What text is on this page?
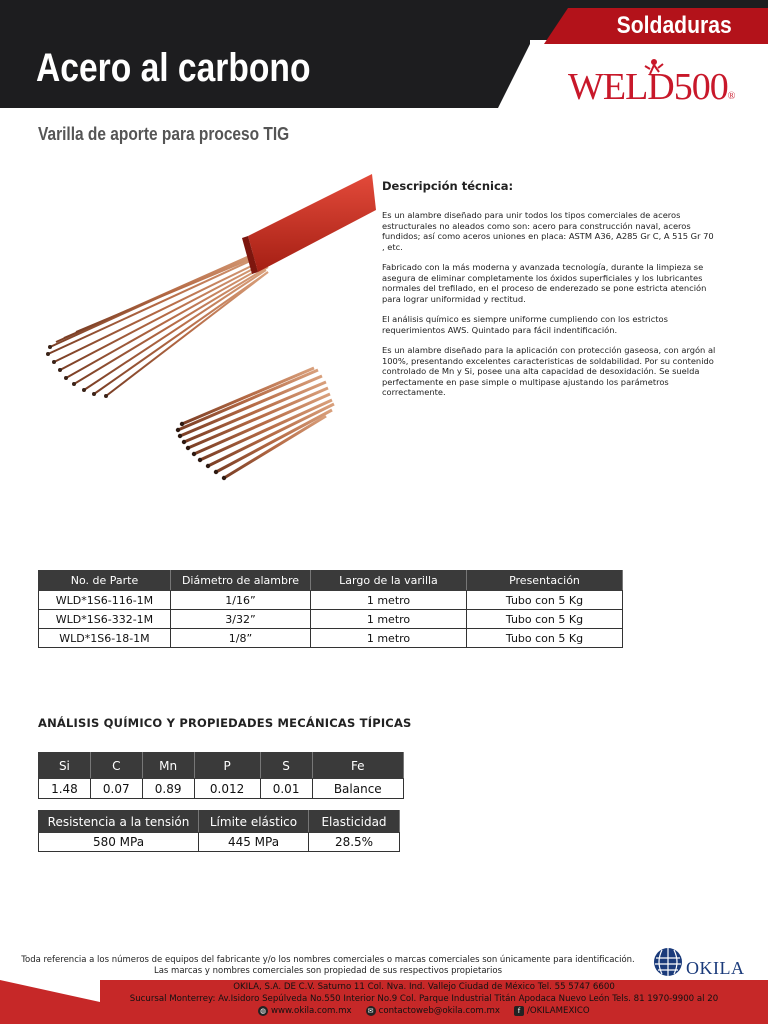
Soldaduras
Acero al carbono	WELD500®
Varilla de aporte para proceso TIG
Descripción técnica:

Es un alambre diseñado para unir todos los tipos comerciales de aceros estructurales no aleados como son: acero para construcción naval, aceros fundidos; así como aceros uniones en placa: ASTM A36, A285 Gr C, A 515 Gr 70 , etc.

Fabricado con la más moderna y avanzada tecnología, durante la limpieza se asegura de eliminar completamente los óxidos superficiales y los lubricantes normales del trefilado, en el proceso de enderezado se pone estricta atención para lograr uniformidad y rectitud.

El análisis químico es siempre uniforme cumpliendo con los estrictos requerimientos AWS. Quintado para fácil indentificación.

Es un alambre diseñado para la aplicación con protección gaseosa, con argón al 100%, presentando excelentes caracteristicas de soldabilidad. Por su contenido controlado de Mn y Si, posee una alta capacidad de desoxidación. Se suelda perfectamente en pase simple o multipase ajustando los parámetros correctamente.

No. de Parte	Diámetro de alambre	Largo de la varilla	Presentación
WLD*1S6-116-1M	1/16”	1 metro	Tubo con 5 Kg
WLD*1S6-332-1M	3/32”	1 metro	Tubo con 5 Kg
WLD*1S6-18-1M	1/8”	1 metro	Tubo con 5 Kg
ANÁLISIS QUÍMICO Y PROPIEDADES MECÁNICAS TÍPICAS
Si	C	Mn	P	S	Fe
1.48	0.07	0.89	0.012	0.01	Balance
Resistencia a la tensión	Límite elástico	Elasticidad
580 MPa	445 MPa	28.5%
Toda referencia a los números de equipos del fabricante y/o los nombres comerciales o marcas comerciales son únicamente para identificación.
Las marcas y nombres comerciales son propiedad de sus respectivos propietarios	OKILA
OKILA, S.A. DE C.V. Saturno 11 Col. Nva. Ind. Vallejo Ciudad de México Tel. 55 5747 6600
Sucursal Monterrey: Av.Isidoro Sepúlveda No.550 Interior No.9 Col. Parque Industrial Titán Apodaca Nuevo León Tels. 81 1970-9900 al 20
◍ www.okila.com.mx ✉ contactoweb@okila.com.mx	f /OKILAMEXICO
